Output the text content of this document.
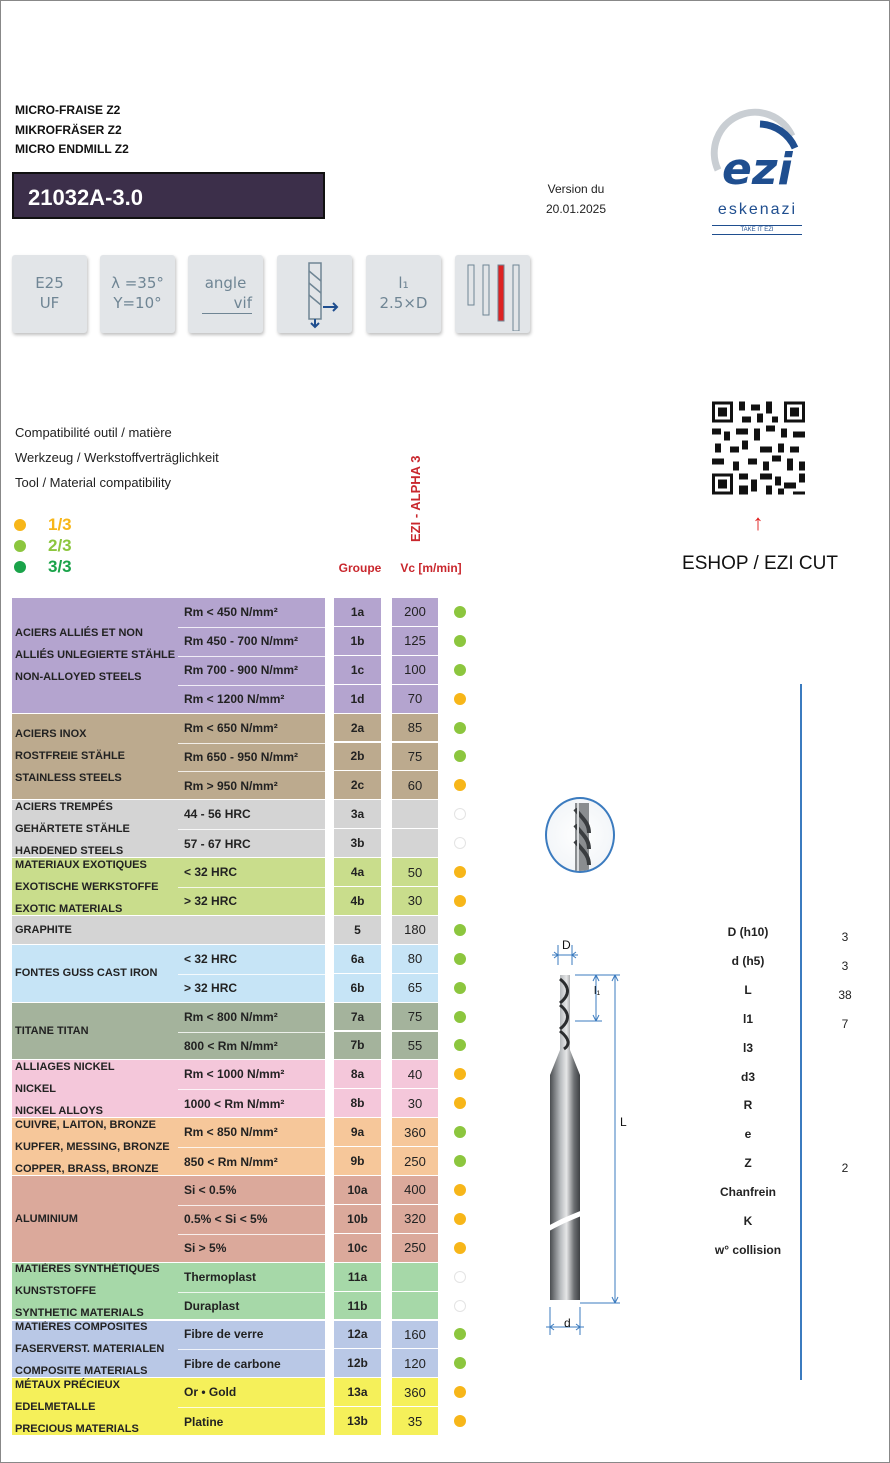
MICRO-FRAISE Z2
MIKROFRÄSER Z2
MICRO ENDMILL Z2
21032A-3.0	Version du
20.01.2025
ezi
eskenazi
TAKE IT EZI
E25
UF
λ =35°
Y=10°
angle
vif
l₁
2.5×D
Compatibilité outil / matière
Werkzeug / Werkstoffverträglichkeit
Tool / Material compatibility
1/3
2/3
3/3	Groupe	Vc [m/min]
EZI - ALPHA 3	↑
ESHOP / EZI CUT
ACIERS ALLIÉS ET NON
ALLIÉS UNLEGIERTE STÄHLE
NON-ALLOYED STEELS
Rm < 450 N/mm²	1a	200
Rm 450 - 700 N/mm²	1b	125
Rm 700 - 900 N/mm²	1c	100
Rm < 1200 N/mm²	1d	70
ACIERS INOX
ROSTFREIE STÄHLE
STAINLESS STEELS
Rm < 650 N/mm²	2a	85
Rm 650 - 950 N/mm²	2b	75
Rm > 950 N/mm²	2c	60
ACIERS TREMPÉS
GEHÄRTETE STÄHLE
HARDENED STEELS
44 - 56 HRC	3a
57 - 67 HRC	3b
MATERIAUX EXOTIQUES
EXOTISCHE WERKSTOFFE
EXOTIC MATERIALS
< 32 HRC	4a	50
> 32 HRC	4b	30
GRAPHITE	5	180
FONTES GUSS CAST IRON
< 32 HRC	6a	80
> 32 HRC	6b	65
TITANE TITAN
Rm < 800 N/mm²	7a	75
800 < Rm N/mm²	7b	55
ALLIAGES NICKEL
NICKEL
NICKEL ALLOYS
Rm < 1000 N/mm²	8a	40
1000 < Rm N/mm²	8b	30
CUIVRE, LAITON, BRONZE
KUPFER, MESSING, BRONZE
COPPER, BRASS, BRONZE
Rm < 850 N/mm²	9a	360
850 < Rm N/mm²	9b	250
ALUMINIUM
Si < 0.5%	10a	400
0.5% < Si < 5%	10b	320
Si > 5%	10c	250
MATIÈRES SYNTHÉTIQUES
KUNSTSTOFFE
SYNTHETIC MATERIALS
Thermoplast	11a
Duraplast	11b
MATIÈRES COMPOSITES
FASERVERST. MATERIALEN
COMPOSITE MATERIALS
Fibre de verre	12a	160
Fibre de carbone	12b	120
MÉTAUX PRÉCIEUX
EDELMETALLE
PRECIOUS MATERIALS
Or • Gold	13a	360
Platine	13b	35
D
l₁
L
d
D (h10)	3
d (h5)	3
L	38
l1	7
l3
d3
R
e
Z	2
Chanfrein
K
w° collision
